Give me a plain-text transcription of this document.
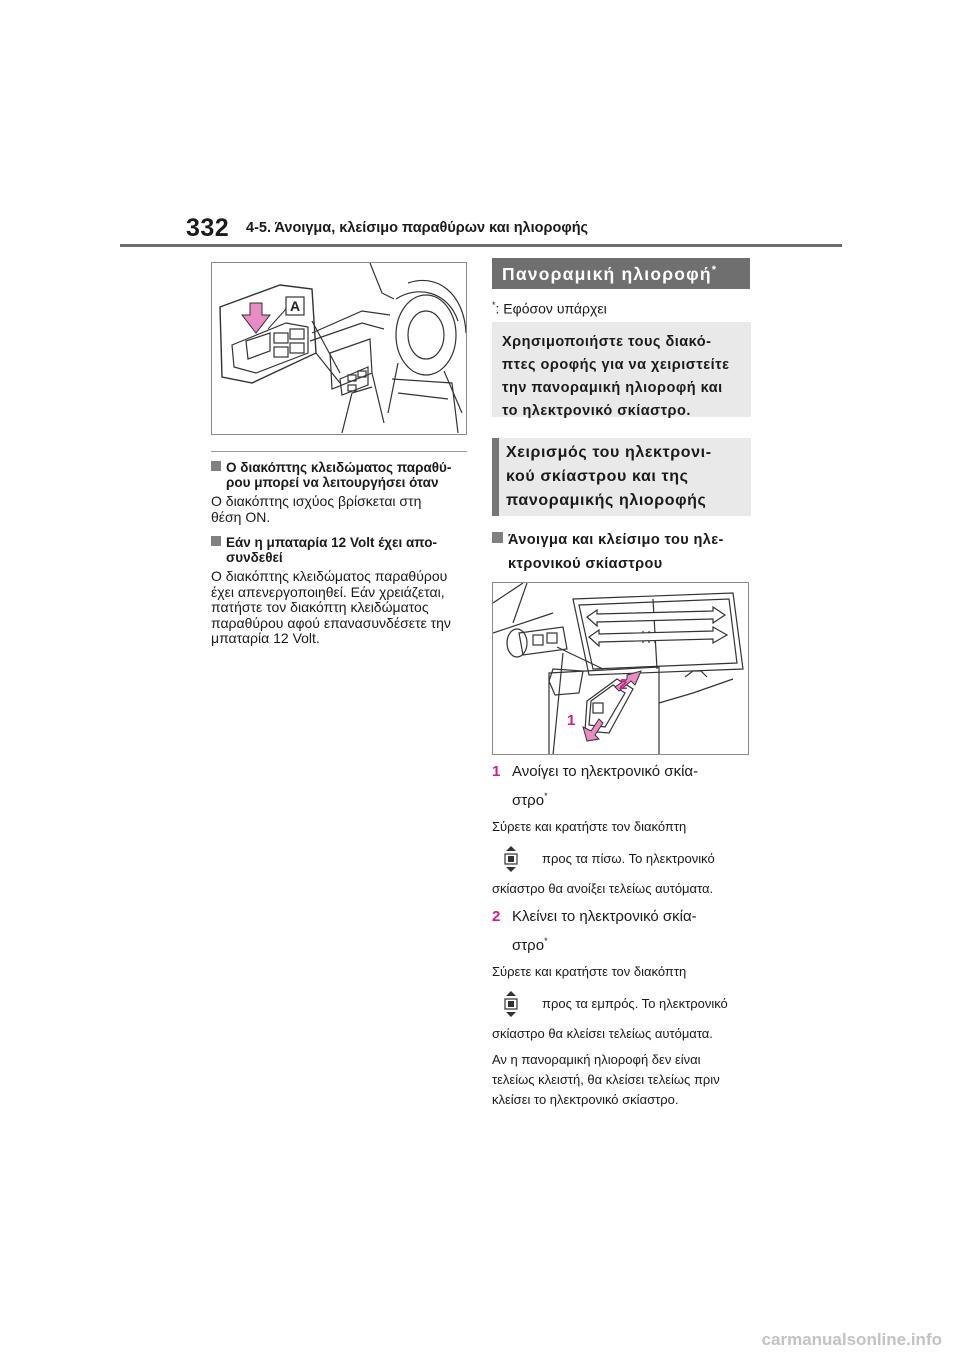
332 4-5. Άνοιγμα, κλείσιμο παραθύρων και ηλιοροφής
A
Ο διακόπτης κλειδώματος παραθύ-
ρου μπορεί να λειτουργήσει όταν
Ο διακόπτης ισχύος βρίσκεται στη
θέση ON.
Εάν η μπαταρία 12 Volt έχει απο-
συνδεθεί
Ο διακόπτης κλειδώματος παραθύρου
έχει απενεργοποιηθεί. Εάν χρειάζεται,
πατήστε τον διακόπτη κλειδώματος
παραθύρου αφού επανασυνδέσετε την
μπαταρία 12 Volt.
Πανοραμική ηλιοροφή*
*: Εφόσον υπάρχει
Χρησιμοποιήστε τους διακό-
πτες οροφής για να χειριστείτε
την πανοραμική ηλιοροφή και
το ηλεκτρονικό σκίαστρο.
Χειρισμός του ηλεκτρονι-
κού σκίαστρου και της
πανοραμικής ηλιοροφής
Άνοιγμα και κλείσιμο του ηλε-
κτρονικού σκίαστρου
2
1
1 Ανοίγει το ηλεκτρονικό σκία-
στρο*
Σύρετε και κρατήστε τον διακόπτη
προς τα πίσω. Το ηλεκτρονικό
σκίαστρο θα ανοίξει τελείως αυτόματα.
2 Κλείνει το ηλεκτρονικό σκία-
στρο*
Σύρετε και κρατήστε τον διακόπτη
προς τα εμπρός. Το ηλεκτρονικό
σκίαστρο θα κλείσει τελείως αυτόματα.
Αν η πανοραμική ηλιοροφή δεν είναι
τελείως κλειστή, θα κλείσει τελείως πριν
κλείσει το ηλεκτρονικό σκίαστρο.
carmanualsonline.info
